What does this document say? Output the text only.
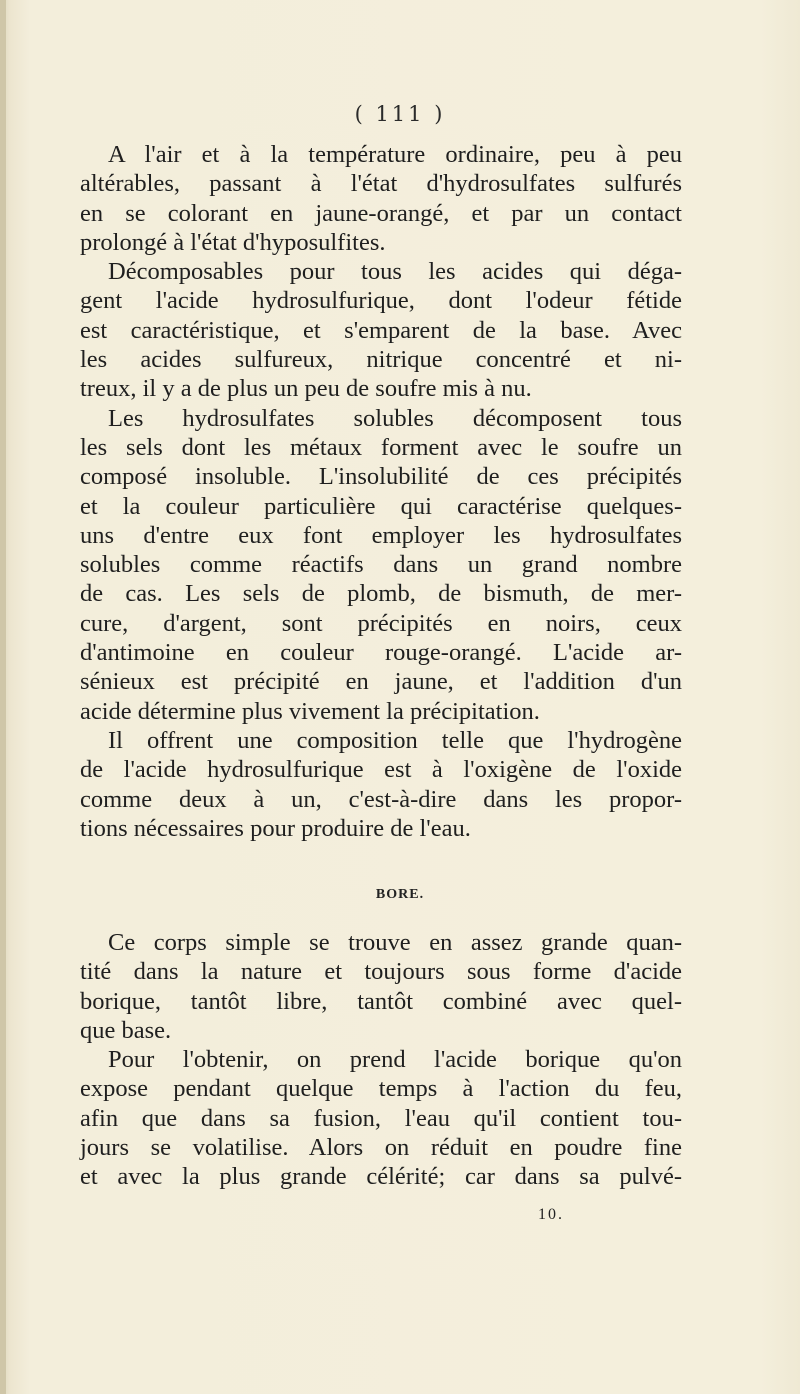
( 111 )

A l'air et à la température ordinaire, peu à peu
altérables, passant à l'état d'hydrosulfates sulfurés
en se colorant en jaune-orangé, et par un contact
prolongé à l'état d'hyposulfites.

Décomposables pour tous les acides qui déga-
gent l'acide hydrosulfurique, dont l'odeur fétide
est caractéristique, et s'emparent de la base. Avec
les acides sulfureux, nitrique concentré et ni-
treux, il y a de plus un peu de soufre mis à nu.

Les hydrosulfates solubles décomposent tous
les sels dont les métaux forment avec le soufre un
composé insoluble. L'insolubilité de ces précipités
et la couleur particulière qui caractérise quelques-
uns d'entre eux font employer les hydrosulfates
solubles comme réactifs dans un grand nombre
de cas. Les sels de plomb, de bismuth, de mer-
cure, d'argent, sont précipités en noirs, ceux
d'antimoine en couleur rouge-orangé. L'acide ar-
sénieux est précipité en jaune, et l'addition d'un
acide détermine plus vivement la précipitation.

Il offrent une composition telle que l'hydrogène
de l'acide hydrosulfurique est à l'oxigène de l'oxide
comme deux à un, c'est-à-dire dans les propor-
tions nécessaires pour produire de l'eau.

BORE.

Ce corps simple se trouve en assez grande quan-
tité dans la nature et toujours sous forme d'acide
borique, tantôt libre, tantôt combiné avec quel-
que base.

Pour l'obtenir, on prend l'acide borique qu'on
expose pendant quelque temps à l'action du feu,
afin que dans sa fusion, l'eau qu'il contient tou-
jours se volatilise. Alors on réduit en poudre fine
et avec la plus grande célérité; car dans sa pulvé-

10.
